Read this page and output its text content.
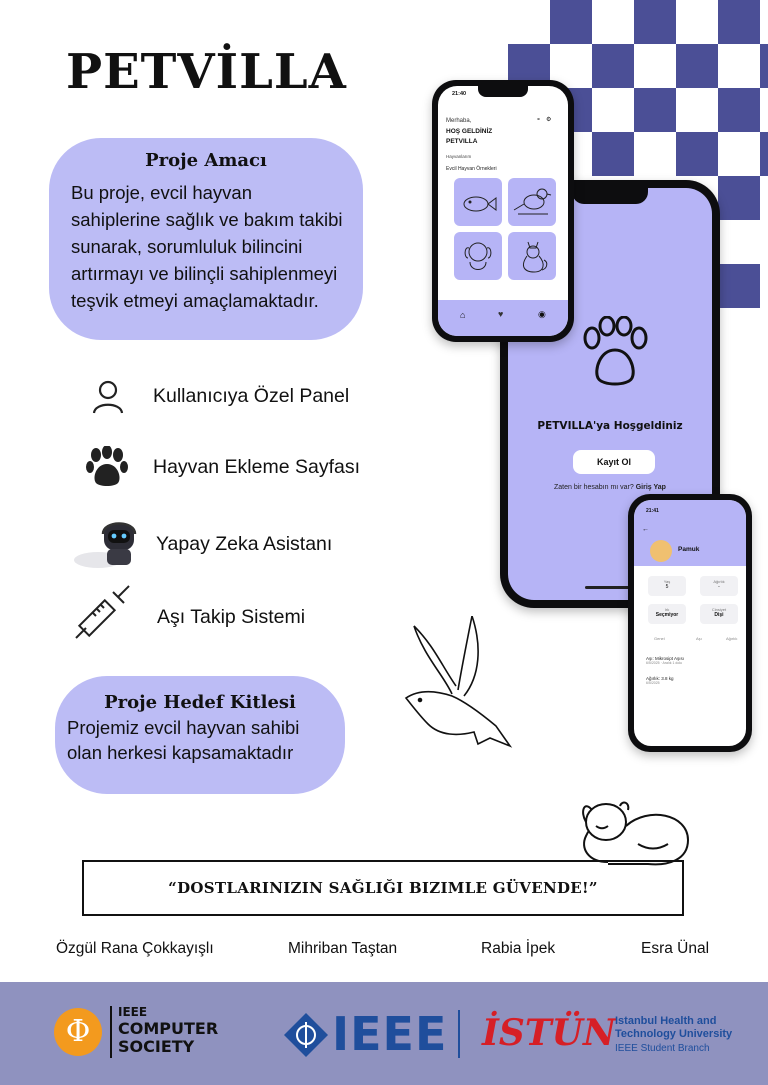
PETVİLLA
Proje Amacı

Bu proje, evcil hayvan sahiplerine sağlık ve bakım takibi sunarak, sorumluluk bilincini artırmayı ve bilinçli sahiplenmeyi teşvik etmeyi amaçlamaktadır.

Kullanıcıya Özel Panel
Hayvan Ekleme Sayfası
Yapay Zeka Asistanı
Aşı Takip Sistemi
Proje Hedef Kitlesi

Projemiz evcil hayvan sahibi olan herkesi kapsamaktadır

PETVILLA'ya Hoşgeldiniz
Kayıt Ol
Zaten bir hesabın mı var? Giriş Yap
21:40
Merhaba,
HOŞ GELDİNİZ
PETVILLA
⚬ ⚙
Hayvanlarım
Evcil Hayvan Örnekleri
⌂	♥	◉
21:41
←
Pamuk
Yaş
5
Ağırlık
-
Irk
Seçmiyor
Cinsiyet
Dişi
Genel	Aşı	Ağırlık
Aşı: Mikrosipt Aşısı
6/5/2025 · Aralık 1 dolu
Ağırlık: 3.8 kg
6/5/2025
“DOSTLARINIZIN SAĞLIĞI BIZIMLE GÜVENDE!”
Özgül Rana Çokkayışlı	Mihriban Taştan	Rabia İpek	Esra Ünal
Φ
IEEE
COMPUTER
SOCIETY	IEEE İSTÜN Istanbul Health and
Technology University
IEEE Student Branch
